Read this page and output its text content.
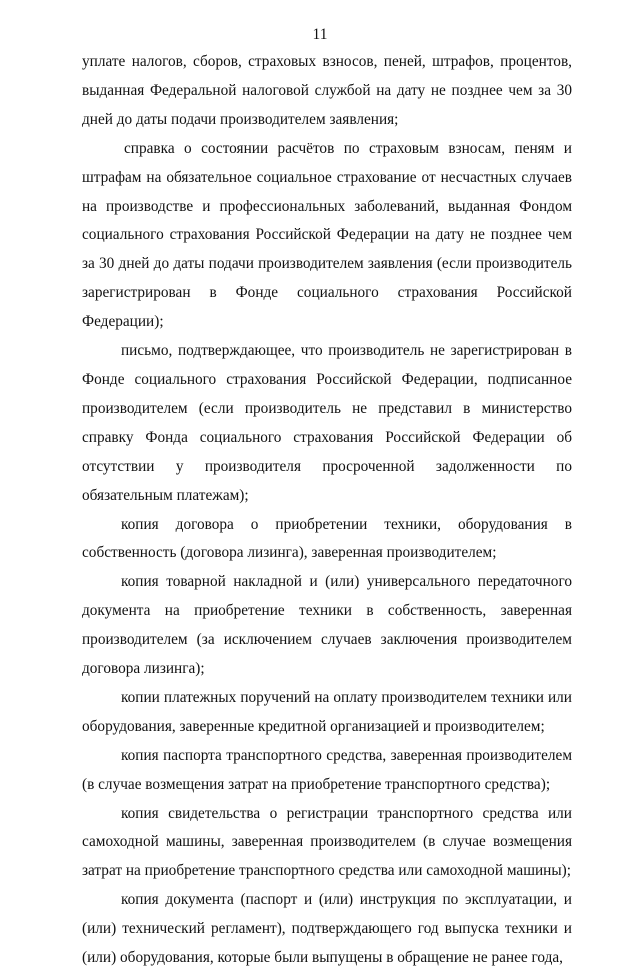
11

уплате налогов, сборов, страховых взносов, пеней, штрафов, процентов, выданная Федеральной налоговой службой на дату не позднее чем за 30 дней до даты подачи производителем заявления;

справка о состоянии расчётов по страховым взносам, пеням и штрафам на обязательное социальное страхование от несчастных случаев на производстве и профессиональных заболеваний, выданная Фондом социального страхования Российской Федерации на дату не позднее чем за 30 дней до даты подачи производителем заявления (если производитель зарегистрирован в Фонде социального страхования Российской Федерации);

письмо, подтверждающее, что производитель не зарегистрирован в Фонде социального страхования Российской Федерации, подписанное производителем (если производитель не представил в министерство справку Фонда социального страхования Российской Федерации об отсутствии у производителя просроченной задолженности по обязательным платежам);

копия договора о приобретении техники, оборудования в собственность (договора лизинга), заверенная производителем;

копия товарной накладной и (или) универсального передаточного документа на приобретение техники в собственность, заверенная производителем (за исключением случаев заключения производителем договора лизинга);

копии платежных поручений на оплату производителем техники или оборудования, заверенные кредитной организацией и производителем;

копия паспорта транспортного средства, заверенная производителем (в случае возмещения затрат на приобретение транспортного средства);

копия свидетельства о регистрации транспортного средства или самоходной машины, заверенная производителем (в случае возмещения затрат на приобретение транспортного средства или самоходной машины);

копия документа (паспорт и (или) инструкция по эксплуатации, и (или) технический регламент), подтверждающего год выпуска техники и (или) оборудования, которые были выпущены в обращение не ранее года,
